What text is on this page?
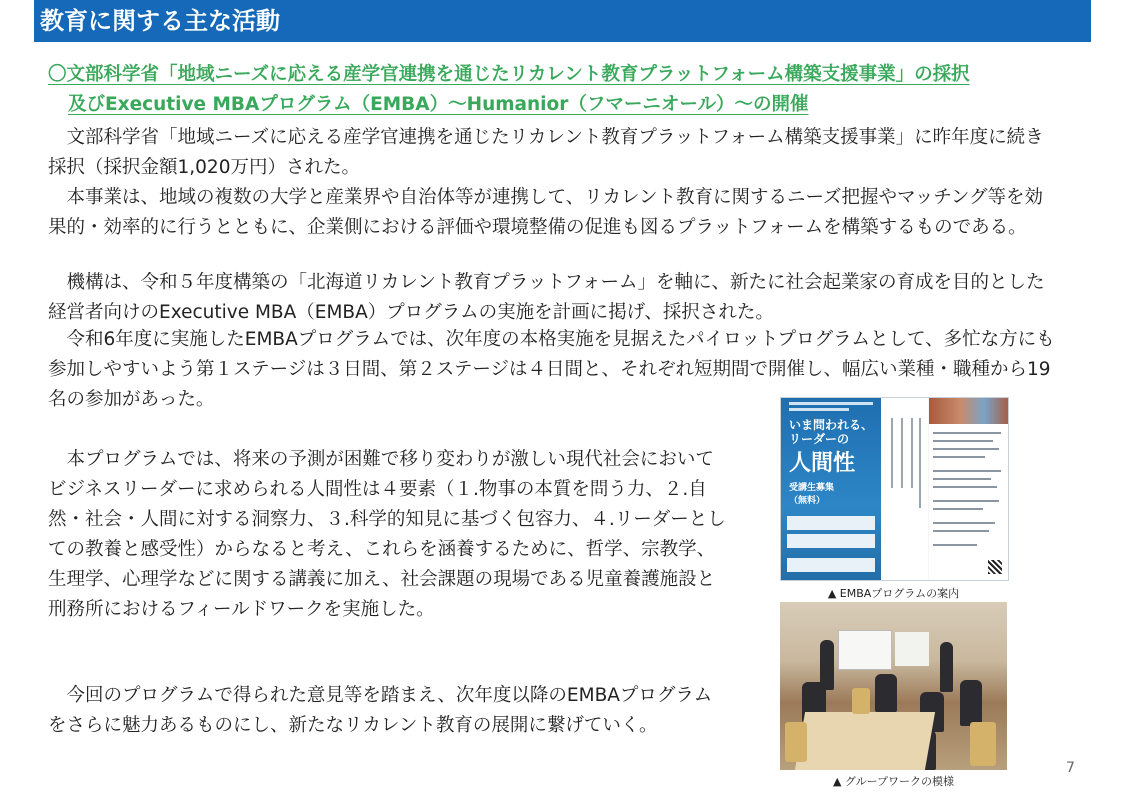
教育に関する主な活動
〇文部科学省「地域ニーズに応える産学官連携を通じたリカレント教育プラットフォーム構築支援事業」の採択
及びExecutive MBAプログラム（EMBA）～Humanior（フマーニオール）～の開催

文部科学省「地域ニーズに応える産学官連携を通じたリカレント教育プラットフォーム構築支援事業」に昨年度に続き採択（採択金額1,020万円）された。

本事業は、地域の複数の大学と産業界や自治体等が連携して、リカレント教育に関するニーズ把握やマッチング等を効果的・効率的に行うとともに、企業側における評価や環境整備の促進も図るプラットフォームを構築するものである。

機構は、令和５年度構築の「北海道リカレント教育プラットフォーム」を軸に、新たに社会起業家の育成を目的とした経営者向けのExecutive MBA（EMBA）プログラムの実施を計画に掲げ、採択された。

令和6年度に実施したEMBAプログラムでは、次年度の本格実施を見据えたパイロットプログラムとして、多忙な方にも参加しやすいよう第１ステージは３日間、第２ステージは４日間と、それぞれ短期間で開催し、幅広い業種・職種から19名の参加があった。

本プログラムでは、将来の予測が困難で移り変わりが激しい現代社会においてビジネスリーダーに求められる人間性は４要素（１.物事の本質を問う力、２.自然・社会・人間に対する洞察力、３.科学的知見に基づく包容力、４.リーダーとしての教養と感受性）からなると考え、これらを涵養するために、哲学、宗教学、生理学、心理学などに関する講義に加え、社会課題の現場である児童養護施設と刑務所におけるフィールドワークを実施した。

今回のプログラムで得られた意見等を踏まえ、次年度以降のEMBAプログラムをさらに魅力あるものにし、新たなリカレント教育の展開に繋げていく。

いま問われる、
リーダーの
人間性
受講生募集
（無料）
▲ EMBAプログラムの案内
▲ グループワークの模様
7
